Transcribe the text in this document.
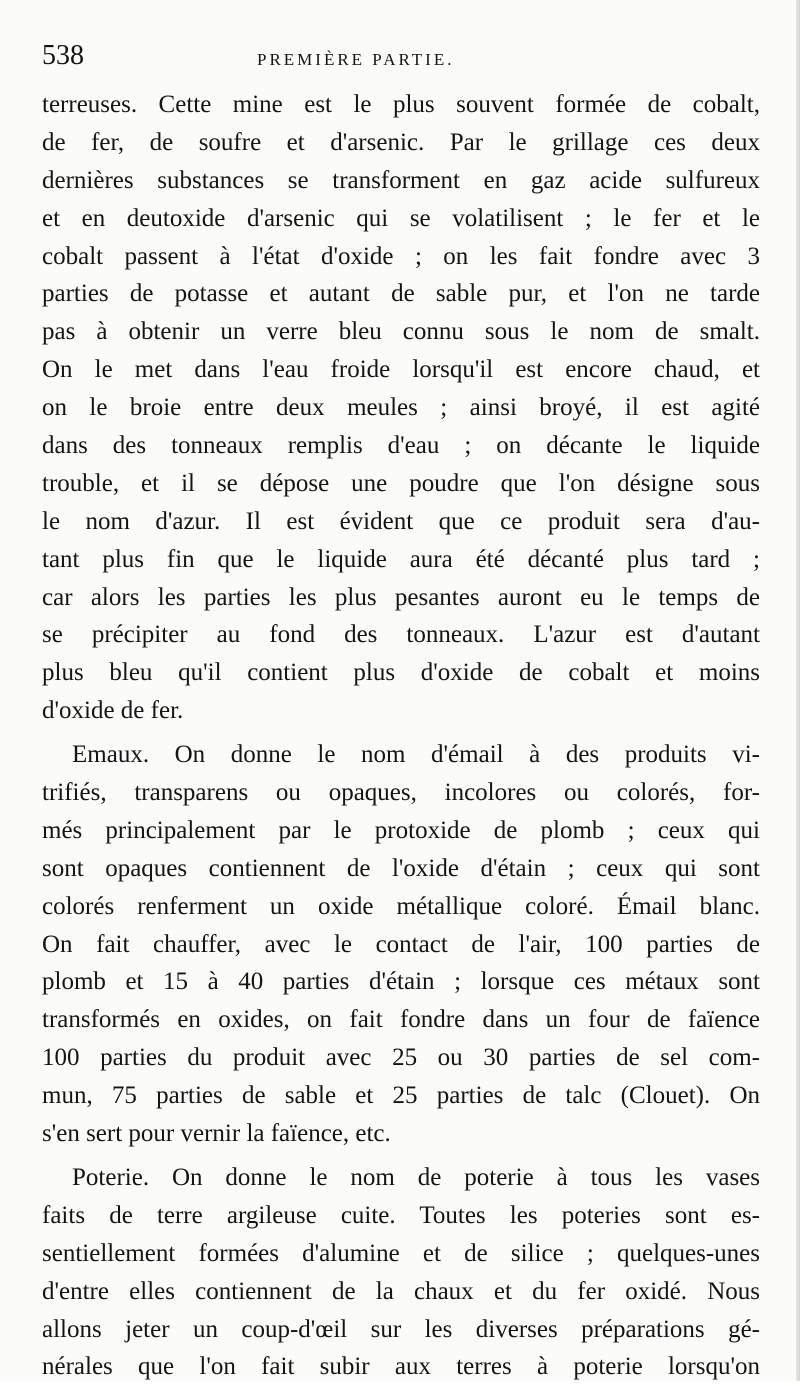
538	PREMIÈRE PARTIE.
terreuses. Cette mine est le plus souvent formée de cobalt,
de fer, de soufre et d'arsenic. Par le grillage ces deux
dernières substances se transforment en gaz acide sulfureux
et en deutoxide d'arsenic qui se volatilisent ; le fer et le
cobalt passent à l'état d'oxide ; on les fait fondre avec 3
parties de potasse et autant de sable pur, et l'on ne tarde
pas à obtenir un verre bleu connu sous le nom de smalt.
On le met dans l'eau froide lorsqu'il est encore chaud, et
on le broie entre deux meules ; ainsi broyé, il est agité
dans des tonneaux remplis d'eau ; on décante le liquide
trouble, et il se dépose une poudre que l'on désigne sous
le nom d'azur. Il est évident que ce produit sera d'au-
tant plus fin que le liquide aura été décanté plus tard ;
car alors les parties les plus pesantes auront eu le temps de
se précipiter au fond des tonneaux. L'azur est d'autant
plus bleu qu'il contient plus d'oxide de cobalt et moins
d'oxide de fer.
Emaux. On donne le nom d'émail à des produits vi-
trifiés, transparens ou opaques, incolores ou colorés, for-
més principalement par le protoxide de plomb ; ceux qui
sont opaques contiennent de l'oxide d'étain ; ceux qui sont
colorés renferment un oxide métallique coloré. Émail blanc.
On fait chauffer, avec le contact de l'air, 100 parties de
plomb et 15 à 40 parties d'étain ; lorsque ces métaux sont
transformés en oxides, on fait fondre dans un four de faïence
100 parties du produit avec 25 ou 30 parties de sel com-
mun, 75 parties de sable et 25 parties de talc (Clouet). On
s'en sert pour vernir la faïence, etc.
Poterie. On donne le nom de poterie à tous les vases
faits de terre argileuse cuite. Toutes les poteries sont es-
sentiellement formées d'alumine et de silice ; quelques-unes
d'entre elles contiennent de la chaux et du fer oxidé. Nous
allons jeter un coup-d'œil sur les diverses préparations gé-
nérales que l'on fait subir aux terres à poterie lorsqu'on
